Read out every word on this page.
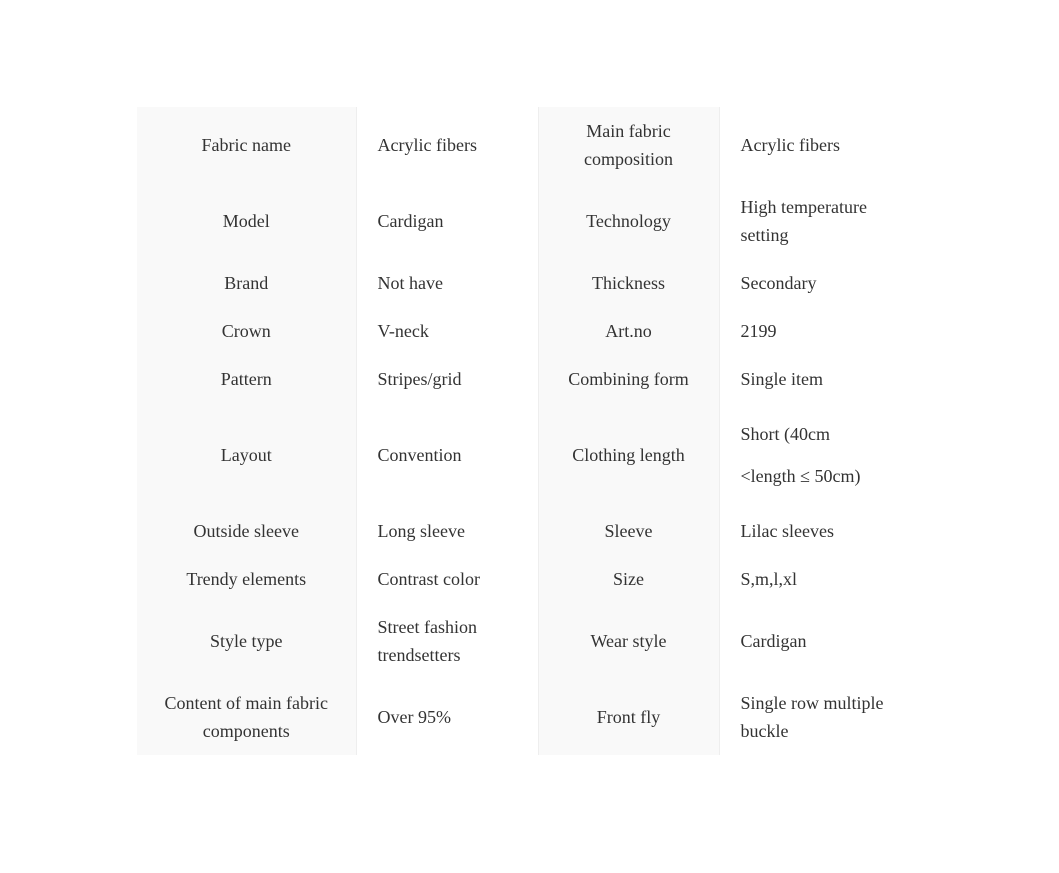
Fabric name	Acrylic fibers	Main fabric composition	Acrylic fibers
Model	Cardigan	Technology	High temperature setting
Brand	Not have	Thickness	Secondary
Crown	V-neck	Art.no	2199
Pattern	Stripes/grid	Combining form	Single item
Layout	Convention	Clothing length	Short (40cm <length ≤ 50cm)
Outside sleeve	Long sleeve	Sleeve	Lilac sleeves
Trendy elements	Contrast color	Size	S,m,l,xl
Style type	Street fashion trendsetters	Wear style	Cardigan
Content of main fabric components	Over 95%	Front fly	Single row multiple buckle
